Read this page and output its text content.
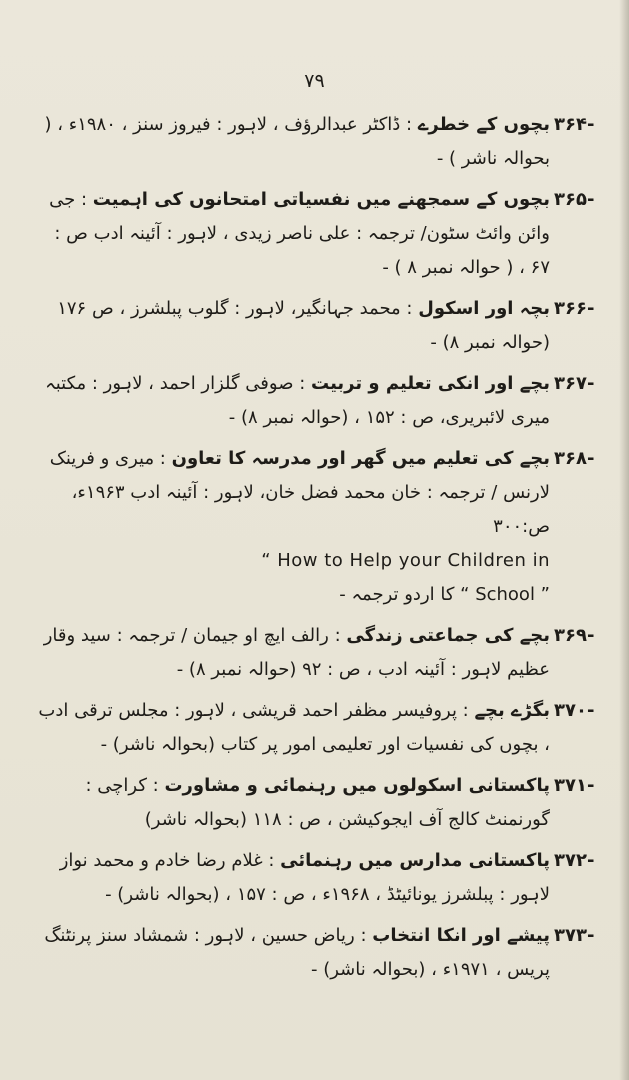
۷۹
-۳۶۴
بچوں کے خطرے : ڈاکٹر عبدالرؤف ، لاہور : فیروز سنز ، ۱۹۸۰ء ، ( بحوالہ ناشر ) -
-۳۶۵
بچوں کے سمجھنے میں نفسیاتی امتحانوں کی اہمیت : جی وائن وائٹ سٹون/ ترجمہ : علی ناصر زیدی ، لاہور : آئینہ ادب ص : ۶۷ ، ( حوالہ نمبر ۸ ) -
-۳۶۶
بچہ اور اسکول : محمد جہانگیر، لاہور : گلوب پبلشرز ، ص ۱۷۶ (حوالہ نمبر ۸) -
-۳۶۷
بچے اور انکی تعلیم و تربیت : صوفی گلزار احمد ، لاہور : مکتبہ میری لائبریری، ص : ۱۵۲ ، (حوالہ نمبر ۸) -
-۳۶۸
بچے کی تعلیم میں گھر اور مدرسہ کا تعاون : میری و فرینک لارنس / ترجمہ : خان محمد فضل خان، لاہور : آئینہ ادب ۱۹۶۳ء، ص:۳۰۰
“ How to Help your Children in
” School “ کا اردو ترجمہ -
-۳۶۹
بچے کی جماعتی زندگی : رالف ایچ او جیمان / ترجمہ : سید وقار عظیم لاہور : آئینہ ادب ، ص : ۹۲ (حوالہ نمبر ۸) -
-۳۷۰
بگڑے بچے : پروفیسر مظفر احمد قریشی ، لاہور : مجلس ترقی ادب ، بچوں کی نفسیات اور تعلیمی امور پر کتاب (بحوالہ ناشر) -
-۳۷۱
پاکستانی اسکولوں میں رہنمائی و مشاورت : کراچی : گورنمنٹ کالج آف ایجوکیشن ، ص : ۱۱۸ (بحوالہ ناشر)
-۳۷۲
پاکستانی مدارس میں رہنمائی : غلام رضا خادم و محمد نواز لاہور : پبلشرز یونائیٹڈ ، ۱۹۶۸ء ، ص : ۱۵۷ ، (بحوالہ ناشر) -
-۳۷۳
پیشے اور انکا انتخاب : ریاض حسین ، لاہور : شمشاد سنز پرنٹنگ پریس ، ۱۹۷۱ء ، (بحوالہ ناشر) -
